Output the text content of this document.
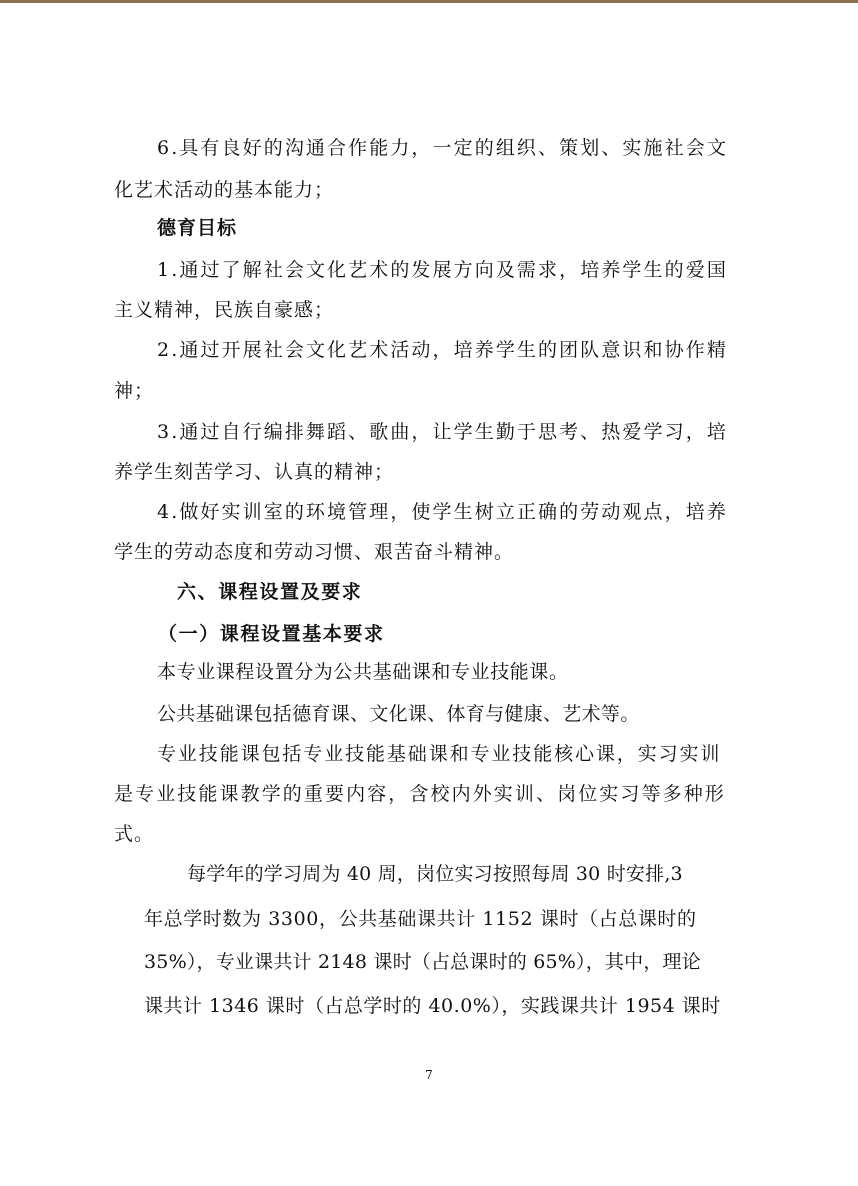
6.具有良好的沟通合作能力，一定的组织、策划、实施社会文
化艺术活动的基本能力；
德育目标
1.通过了解社会文化艺术的发展方向及需求，培养学生的爱国
主义精神，民族自豪感；
2.通过开展社会文化艺术活动，培养学生的团队意识和协作精
神；
3.通过自行编排舞蹈、歌曲，让学生勤于思考、热爱学习，培
养学生刻苦学习、认真的精神；
4.做好实训室的环境管理，使学生树立正确的劳动观点，培养
学生的劳动态度和劳动习惯、艰苦奋斗精神。
六、课程设置及要求
（一）课程设置基本要求
本专业课程设置分为公共基础课和专业技能课。
公共基础课包括德育课、文化课、体育与健康、艺术等。
专业技能课包括专业技能基础课和专业技能核心课，实习实训
是专业技能课教学的重要内容，含校内外实训、岗位实习等多种形
式。
每学年的学习周为 40 周，岗位实习按照每周 30 时安排,3
年总学时数为 3300，公共基础课共计 1152 课时（占总课时的
35%），专业课共计 2148 课时（占总课时的 65%），其中，理论
课共计 1346 课时（占总学时的 40.0%），实践课共计 1954 课时
7
